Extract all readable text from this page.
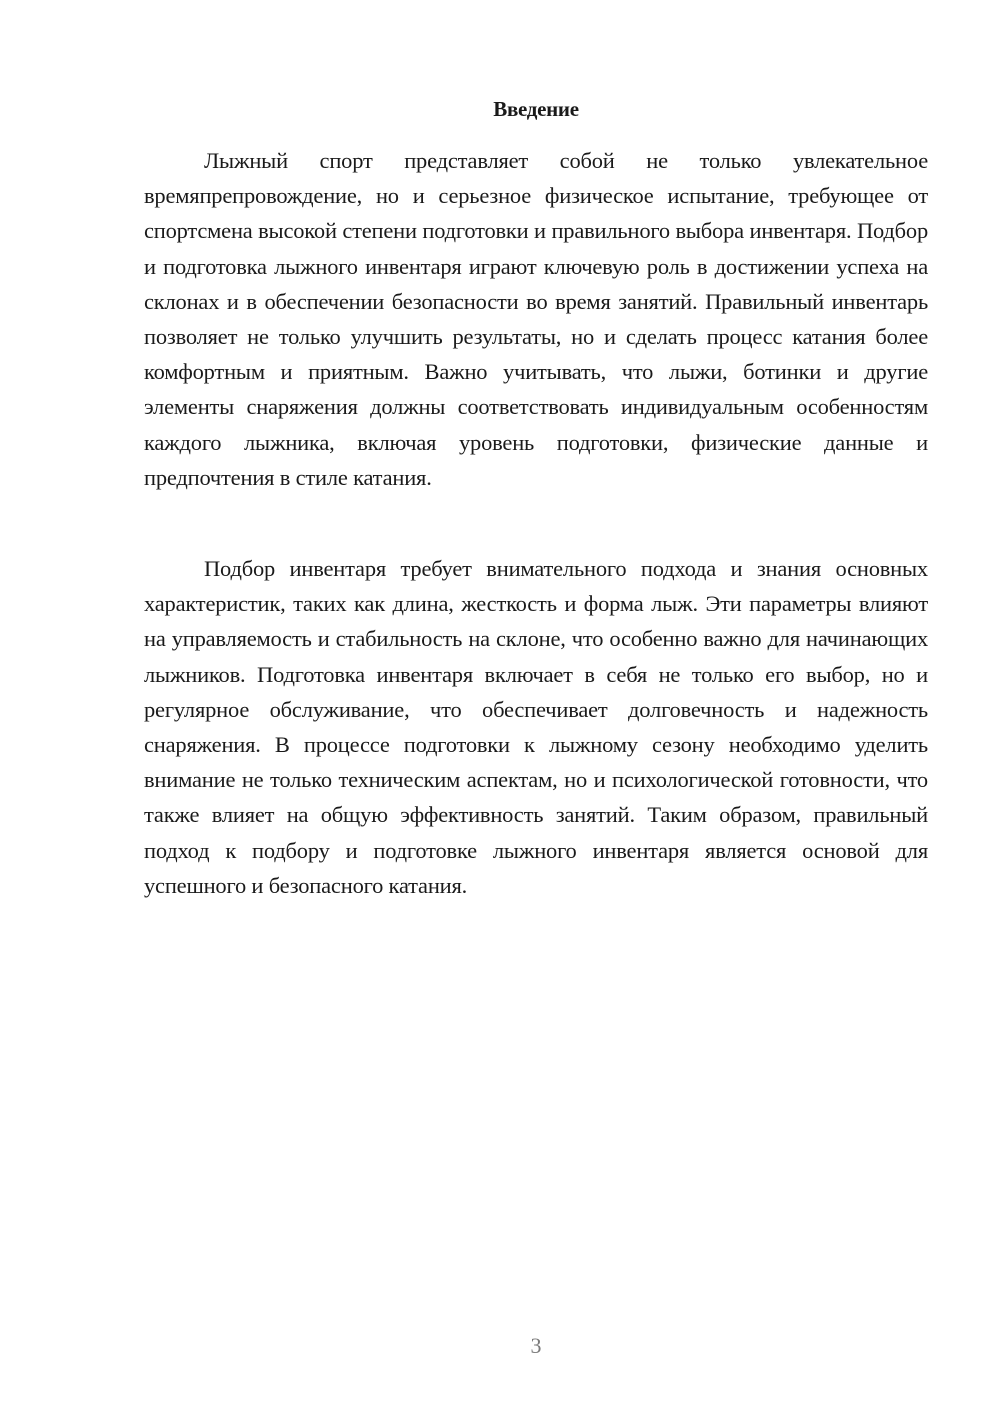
Введение

Лыжный спорт представляет собой не только увлекательное времяпрепровождение, но и серьезное физическое испытание, требующее от спортсмена высокой степени подготовки и правильного выбора инвентаря. Подбор и подготовка лыжного инвентаря играют ключевую роль в достижении успеха на склонах и в обеспечении безопасности во время занятий. Правильный инвентарь позволяет не только улучшить результаты, но и сделать процесс катания более комфортным и приятным. Важно учитывать, что лыжи, ботинки и другие элементы снаряжения должны соответствовать индивидуальным особенностям каждого лыжника, включая уровень подготовки, физические данные и предпочтения в стиле катания.

Подбор инвентаря требует внимательного подхода и знания основных характеристик, таких как длина, жесткость и форма лыж. Эти параметры влияют на управляемость и стабильность на склоне, что особенно важно для начинающих лыжников. Подготовка инвентаря включает в себя не только его выбор, но и регулярное обслуживание, что обеспечивает долговечность и надежность снаряжения. В процессе подготовки к лыжному сезону необходимо уделить внимание не только техническим аспектам, но и психологической готовности, что также влияет на общую эффективность занятий. Таким образом, правильный подход к подбору и подготовке лыжного инвентаря является основой для успешного и безопасного катания.

3
